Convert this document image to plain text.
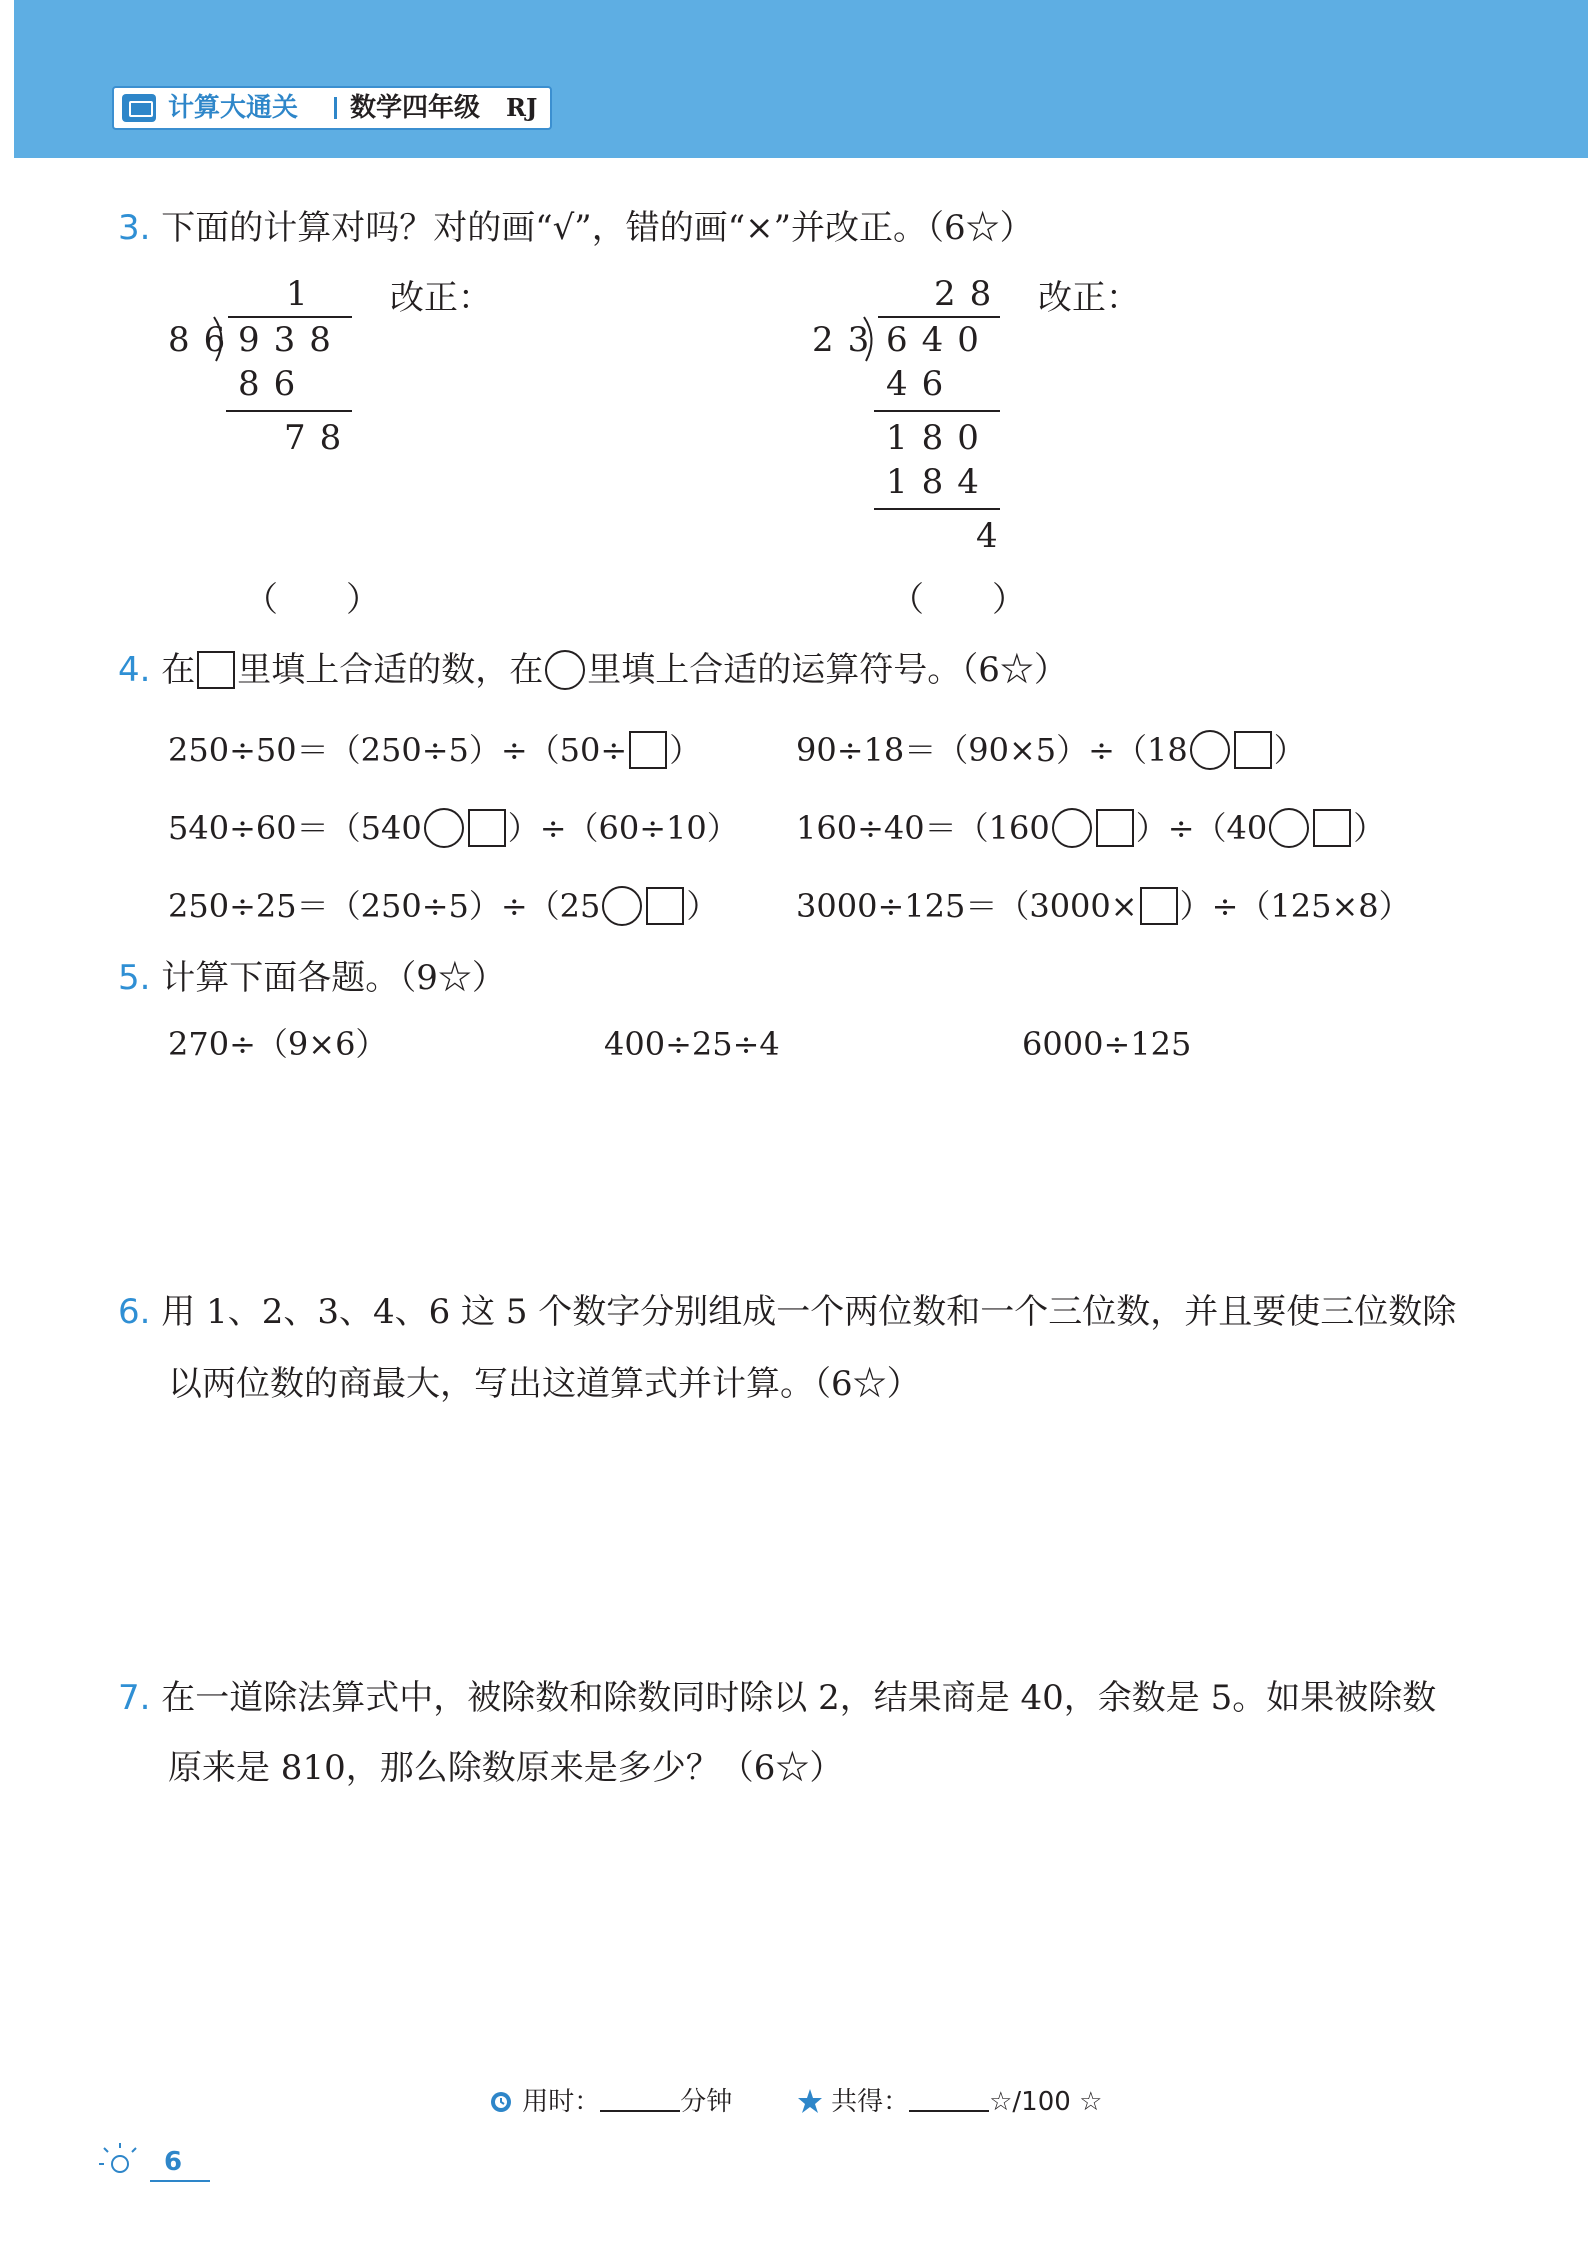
计算大通关 数学四年级 RJ
3. 下面的计算对吗？对的画“√”，错的画“×”并改正。（6☆）
1
86
938
86
78
改正：
（　　）
28
23 640
46
180
184
4
改正：
（　　）
4. 在 里填上合适的数，在 里填上合适的运算符号。（6☆）
250÷50＝（250÷5）÷（50÷ ）	90÷18＝（90×5）÷（18	）
540÷60＝（540	）÷（60÷10） 160÷40＝（160	）÷（40	）
250÷25＝（250÷5）÷（25	） 3000÷125＝（3000× ）÷（125×8）
5. 计算下面各题。（9☆）
270÷（9×6）	400÷25÷4	6000÷125
6. 用 1、2、3、4、6 这 5 个数字分别组成一个两位数和一个三位数，并且要使三位数除
以两位数的商最大，写出这道算式并计算。（6☆）
7. 在一道除法算式中，被除数和除数同时除以 2，结果商是 40，余数是 5。如果被除数
原来是 810，那么除数原来是多少？（6☆）
用时：	分钟	共得：	☆/100 ☆
6
